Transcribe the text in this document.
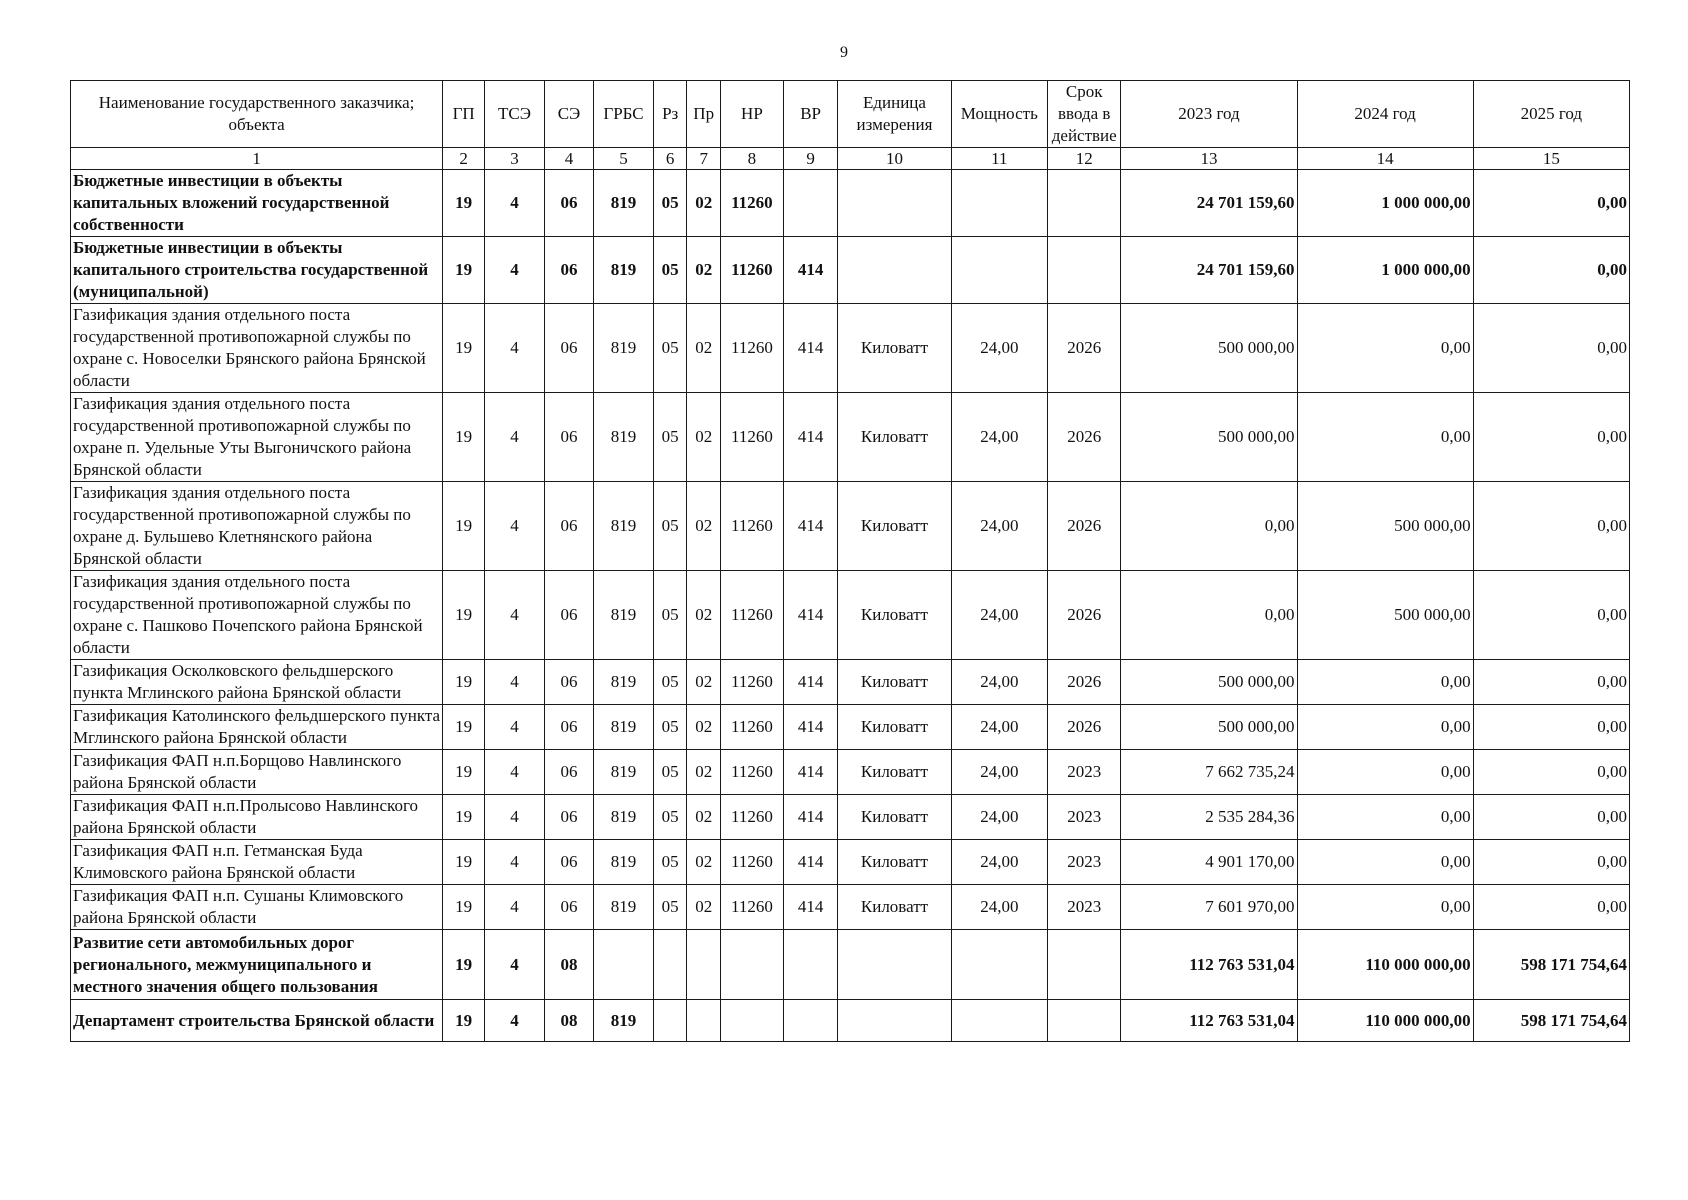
9
Наименование государственного заказчика; объекта	ГП	ТСЭ	СЭ	ГРБС	Рз	Пр	НР	ВР	Единица измерения	Мощность	Срок ввода в действие	2023 год	2024 год	2025 год
1	2	3	4	5	6	7	8	9	10	11	12	13	14	15
Бюджетные инвестиции в объекты капитальных вложений государственной собственности	19	4	06	819	05	02	11260					24 701 159,60	1 000 000,00	0,00
Бюджетные инвестиции в объекты капитального строительства государственной (муниципальной)	19	4	06	819	05	02	11260	414				24 701 159,60	1 000 000,00	0,00
Газификация здания отдельного поста государственной противопожарной службы по охране с. Новоселки Брянского района Брянской области	19	4	06	819	05	02	11260	414	Киловатт	24,00	2026	500 000,00	0,00	0,00
Газификация здания отдельного поста государственной противопожарной службы по охране п. Удельные Уты Выгоничского района Брянской области	19	4	06	819	05	02	11260	414	Киловатт	24,00	2026	500 000,00	0,00	0,00
Газификация здания отдельного поста государственной противопожарной службы по охране д. Бульшево Клетнянского района Брянской области	19	4	06	819	05	02	11260	414	Киловатт	24,00	2026	0,00	500 000,00	0,00
Газификация здания отдельного поста государственной противопожарной службы по охране с. Пашково Почепского района Брянской области	19	4	06	819	05	02	11260	414	Киловатт	24,00	2026	0,00	500 000,00	0,00
Газификация Осколковского фельдшерского пункта Мглинского района Брянской области	19	4	06	819	05	02	11260	414	Киловатт	24,00	2026	500 000,00	0,00	0,00
Газификация Католинского фельдшерского пункта Мглинского района Брянской области	19	4	06	819	05	02	11260	414	Киловатт	24,00	2026	500 000,00	0,00	0,00
Газификация ФАП н.п.Борщово Навлинского района Брянской области	19	4	06	819	05	02	11260	414	Киловатт	24,00	2023	7 662 735,24	0,00	0,00
Газификация ФАП н.п.Пролысово Навлинского района Брянской области	19	4	06	819	05	02	11260	414	Киловатт	24,00	2023	2 535 284,36	0,00	0,00
Газификация ФАП н.п. Гетманская Буда Климовского района Брянской области	19	4	06	819	05	02	11260	414	Киловатт	24,00	2023	4 901 170,00	0,00	0,00
Газификация ФАП н.п. Сушаны Климовского района Брянской области	19	4	06	819	05	02	11260	414	Киловатт	24,00	2023	7 601 970,00	0,00	0,00
Развитие сети автомобильных дорог регионального, межмуниципального и местного значения общего пользования	19	4	08									112 763 531,04	110 000 000,00	598 171 754,64
Департамент строительства Брянской области	19	4	08	819								112 763 531,04	110 000 000,00	598 171 754,64
